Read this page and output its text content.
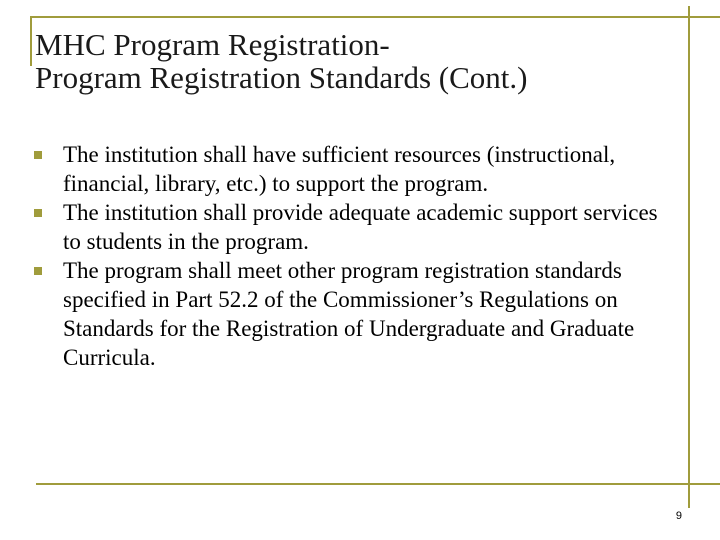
MHC Program Registration-
Program Registration Standards (Cont.)
The institution shall have sufficient resources (instructional, financial, library, etc.) to support the program.
The institution shall provide adequate academic support services to students in the program.
The program shall meet other program registration standards specified in Part 52.2 of the Commissioner’s Regulations on Standards for the Registration of Undergraduate and Graduate Curricula.
9
